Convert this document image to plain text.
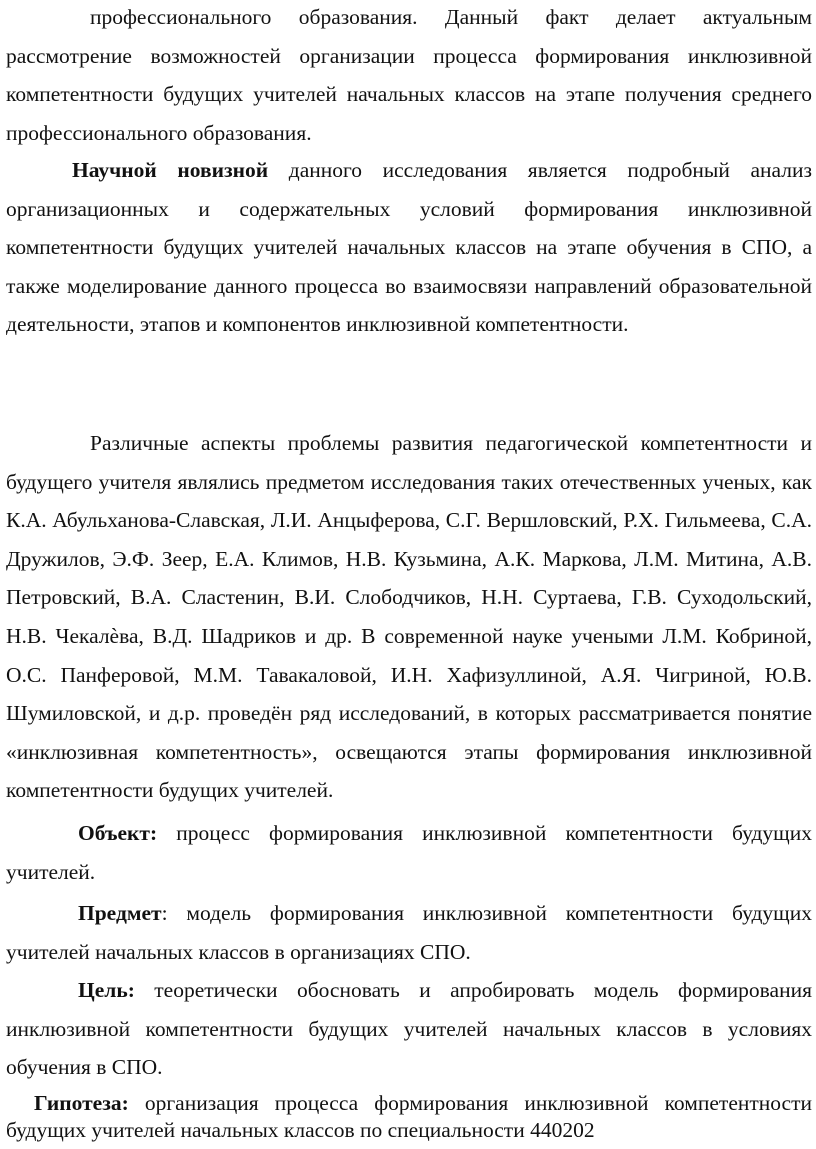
профессионального образования. Данный факт делает актуальным рассмотрение возможностей организации процесса формирования инклюзивной компетентности будущих учителей начальных классов на этапе получения среднего профессионального образования.

Научной новизной данного исследования является подробный анализ организационных и содержательных условий формирования инклюзивной компетентности будущих учителей начальных классов на этапе обучения в СПО, а также моделирование данного процесса во взаимосвязи направлений образовательной деятельности, этапов и компонентов инклюзивной компетентности.

Различные аспекты проблемы развития педагогической компетентности и будущего учителя являлись предметом исследования таких отечественных ученых, как К.А. Абульханова-Славская, Л.И. Анцыферова, С.Г. Вершловский, Р.Х. Гильмеева, С.А. Дружилов, Э.Ф. Зеер, Е.А. Климов, Н.В. Кузьмина, А.К. Маркова, Л.М. Митина, А.В. Петровский, В.А. Сластенин, В.И. Слободчиков, Н.Н. Суртаева, Г.В. Суходольский, Н.В. Чекалѐва, В.Д. Шадриков и др. В современной науке учеными Л.М. Кобриной, О.С. Панферовой, М.М. Тавакаловой, И.Н. Хафизуллиной, А.Я. Чигриной, Ю.В. Шумиловской, и д.р. проведён ряд исследований, в которых рассматривается понятие «инклюзивная компетентность», освещаются этапы формирования инклюзивной компетентности будущих учителей.

Объект: процесс формирования инклюзивной компетентности будущих учителей.

Предмет: модель формирования инклюзивной компетентности будущих учителей начальных классов в организациях СПО.

Цель: теоретически обосновать и апробировать модель формирования инклюзивной компетентности будущих учителей начальных классов в условиях обучения в СПО.

Гипотеза: организация процесса формирования инклюзивной компетентности будущих учителей начальных классов по специальности 440202
